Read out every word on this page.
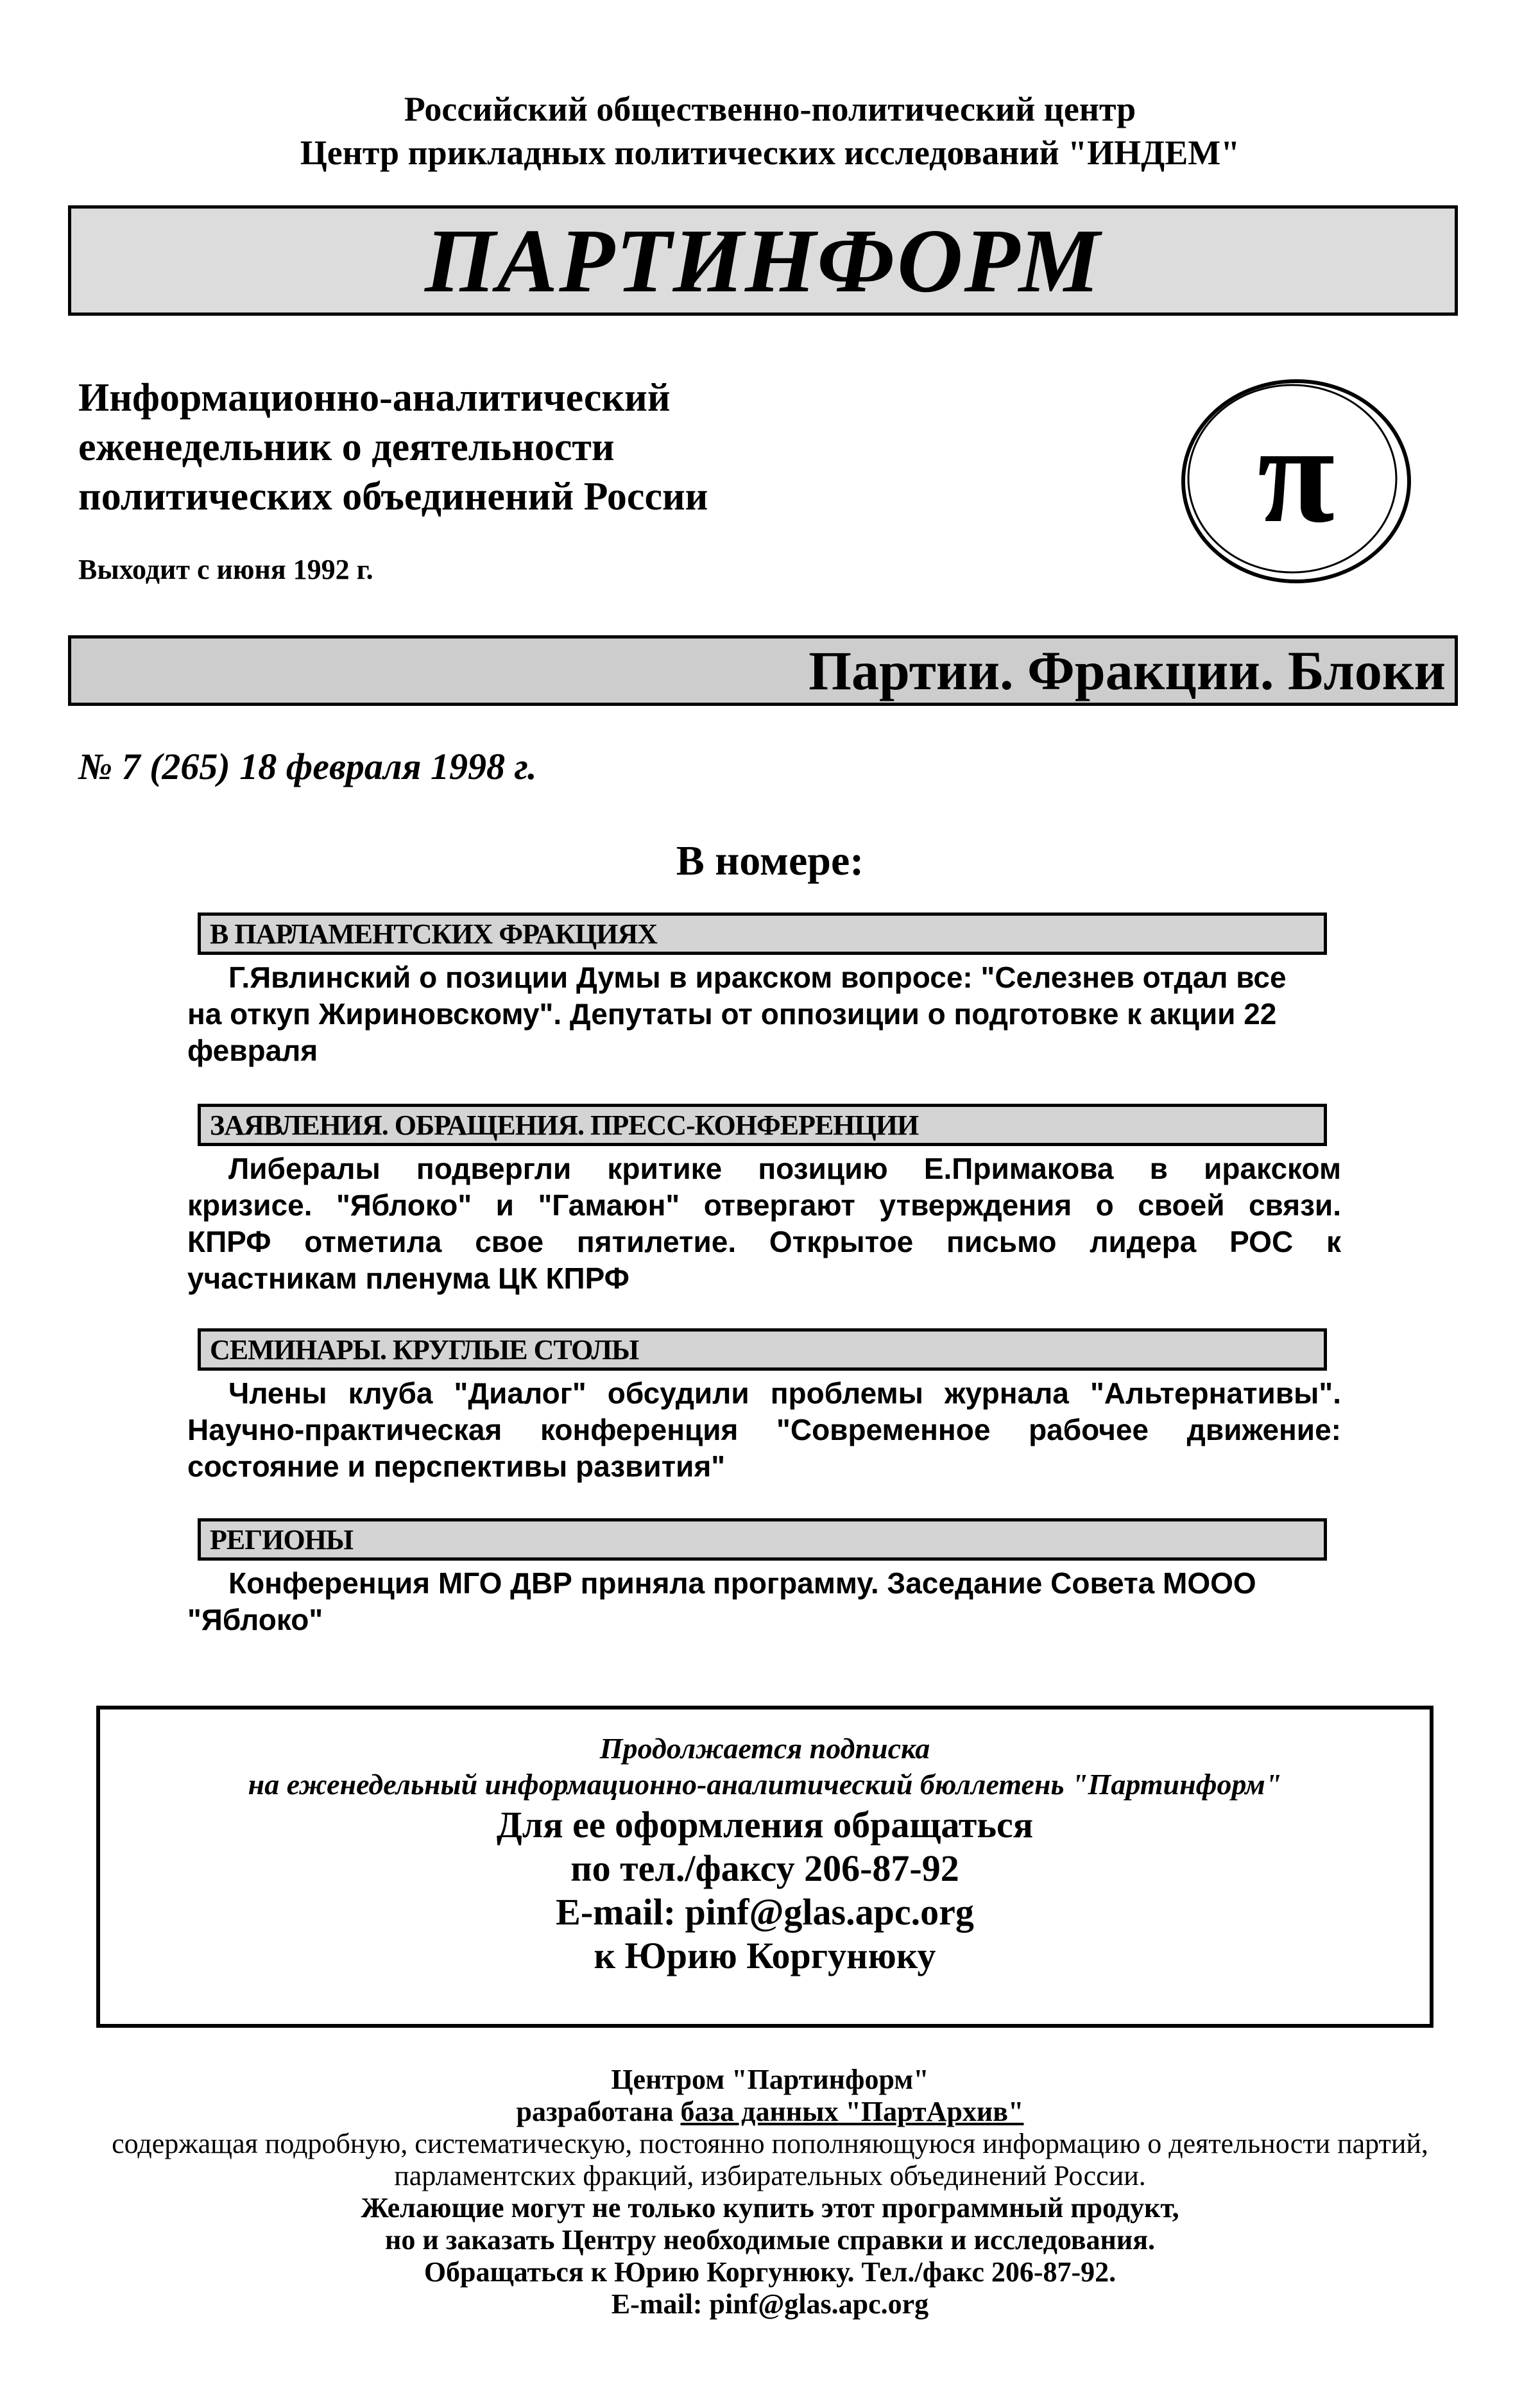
Российский общественно-политический центр
Центр прикладных политических исследований "ИНДЕМ"
ПАРТИНФОРМ
Информационно-аналитический
еженедельник о деятельности
политических объединений России
Выходит с июня 1992 г.
π
Партии. Фракции. Блоки
№ 7 (265) 18 февраля 1998 г.
В номере:
В ПАРЛАМЕНТСКИХ ФРАКЦИЯХ
Г.Явлинский о позиции Думы в иракском вопросе: "Селезнев отдал все
на откуп Жириновскому". Депутаты от оппозиции о подготовке к акции 22
февраля
ЗАЯВЛЕНИЯ. ОБРАЩЕНИЯ. ПРЕСС-КОНФЕРЕНЦИИ
Либералы подвергли критике позицию Е.Примакова в иракском
кризисе. "Яблоко" и "Гамаюн" отвергают утверждения о своей связи.
КПРФ отметила свое пятилетие. Открытое письмо лидера РОС к
участникам пленума ЦК КПРФ
СЕМИНАРЫ. КРУГЛЫЕ СТОЛЫ
Члены клуба "Диалог" обсудили проблемы журнала "Альтернативы".
Научно-практическая конференция "Современное рабочее движение:
состояние и перспективы развития"
РЕГИОНЫ
Конференция МГО ДВР приняла программу. Заседание Совета МООО
"Яблоко"
Продолжается подписка
на еженедельный информационно-аналитический бюллетень "Партинформ"
Для ее оформления обращаться
по тел./факсу 206-87-92
E-mail: pinf@glas.apc.org
к Юрию Коргунюку
Центром "Партинформ"
разработана база данных "ПартАрхив"
содержащая подробную, систематическую, постоянно пополняющуюся информацию о деятельности партий,
парламентских фракций, избирательных объединений России.
Желающие могут не только купить этот программный продукт,
но и заказать Центру необходимые справки и исследования.
Обращаться к Юрию Коргунюку. Тел./факс 206-87-92.
E-mail: pinf@glas.apc.org
